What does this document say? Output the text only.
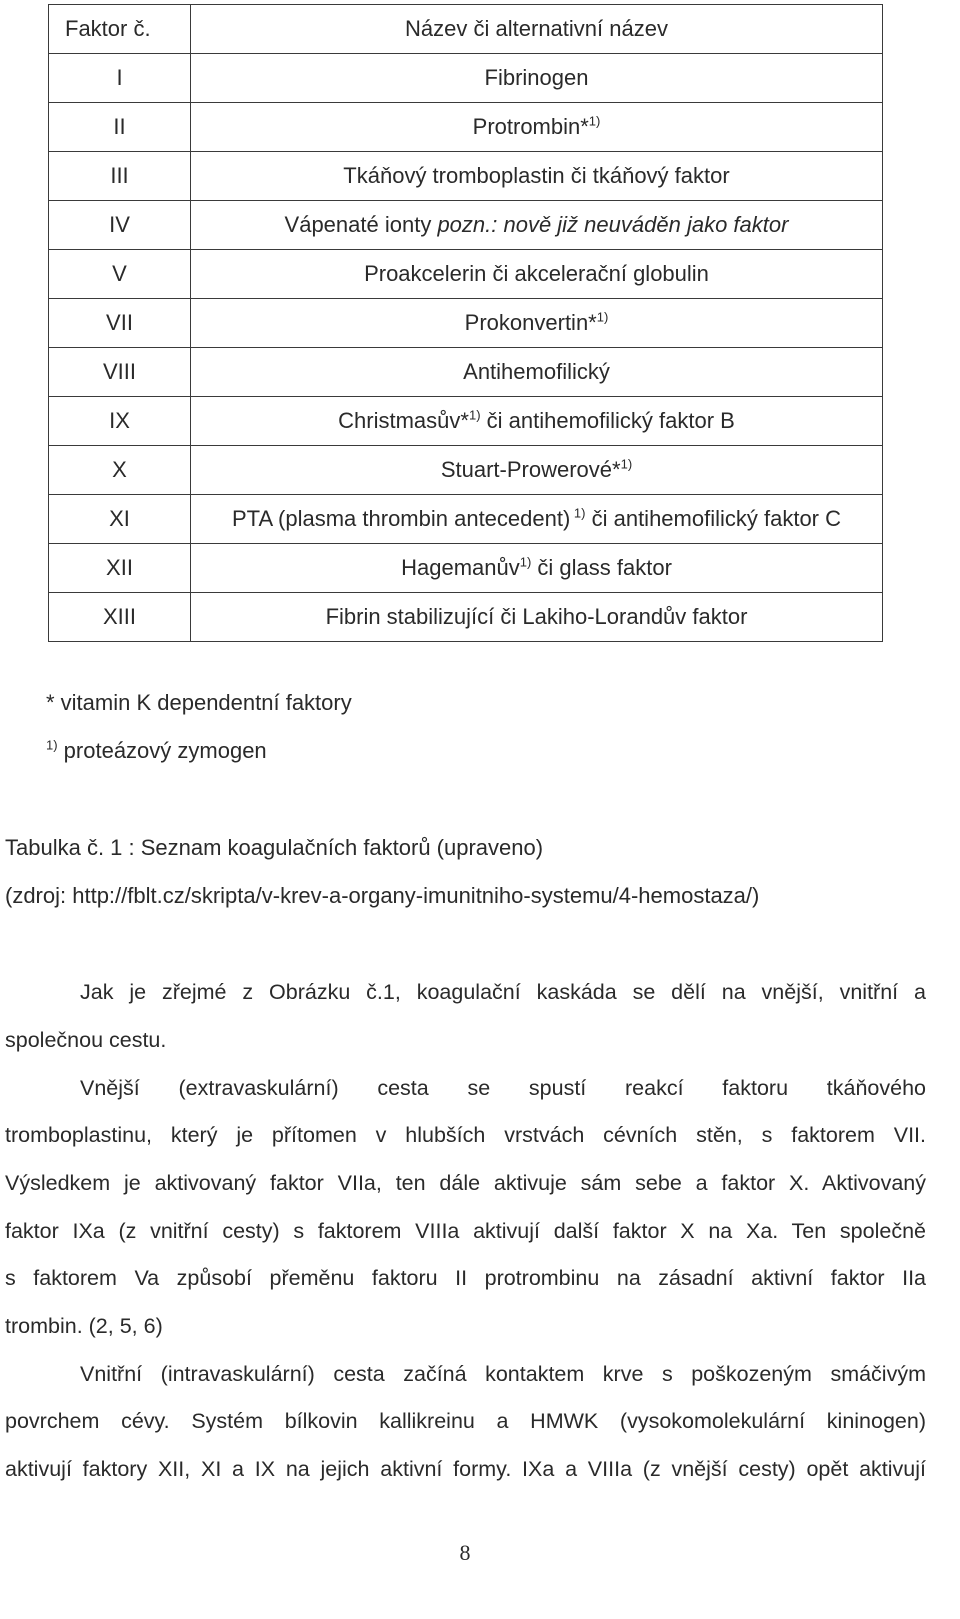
Faktor č.	Název či alternativní název
I	Fibrinogen
II	Protrombin*$^{1)}$
III	Tkáňový tromboplastin či tkáňový faktor
IV	Vápenaté ionty pozn.: nově již neuváděn jako faktor
V	Proakcelerin či akcelerační globulin
VII	Prokonvertin*$^{1)}$
VIII	Antihemofilický
IX	Christmasův*$^{1)}$ či antihemofilický faktor B
X	Stuart-Prowerové*$^{1)}$
XI	PTA (plasma thrombin antecedent) $^{1)}$ či antihemofilický faktor C
XII	Hagemanův$^{1)}$ či glass faktor
XIII	Fibrin stabilizující či Lakiho-Lorandův faktor
* vitamin K dependentní faktory
$^{1)}$ proteázový zymogen
Tabulka č. 1 : Seznam koagulačních faktorů (upraveno)
(zdroj: http://fblt.cz/skripta/v-krev-a-organy-imunitniho-systemu/4-hemostaza/)
Jak je zřejmé z Obrázku č.1, koagulační kaskáda se dělí na vnější, vnitřní a
společnou cestu.
Vnější (extravaskulární) cesta se spustí reakcí faktoru tkáňového
tromboplastinu, který je přítomen v hlubších vrstvách cévních stěn, s faktorem VII.
Výsledkem je aktivovaný faktor VIIa, ten dále aktivuje sám sebe a faktor X. Aktivovaný
faktor IXa (z vnitřní cesty) s faktorem VIIIa aktivují další faktor X na Xa. Ten společně
s faktorem Va způsobí přeměnu faktoru II protrombinu na zásadní aktivní faktor IIa
trombin. (2, 5, 6)
Vnitřní (intravaskulární) cesta začíná kontaktem krve s poškozeným smáčivým
povrchem cévy. Systém bílkovin kallikreinu a HMWK (vysokomolekulární kininogen)
aktivují faktory XII, XI a IX na jejich aktivní formy. IXa a VIIIa (z vnější cesty) opět aktivují
8
